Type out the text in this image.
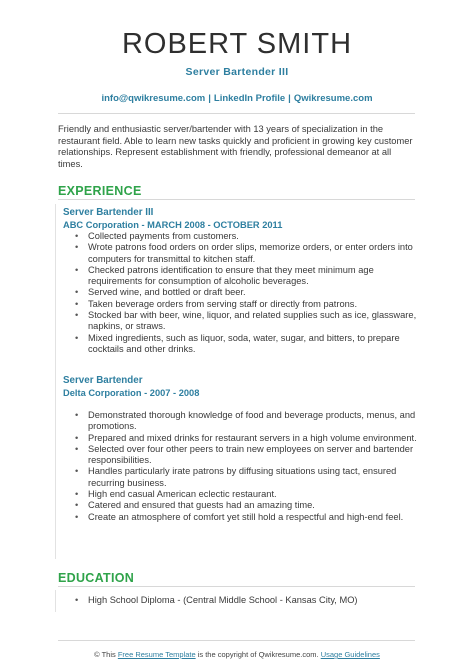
ROBERT SMITH
Server Bartender III
info@qwikresume.com | LinkedIn Profile | Qwikresume.com

Friendly and enthusiastic server/bartender with 13 years of specialization in the restaurant field. Able to learn new tasks quickly and proficient in growing key customer relationships. Represent establishment with friendly, professional demeanor at all times.

EXPERIENCE
Server Bartender III
ABC Corporation - MARCH 2008 - OCTOBER 2011
• Collected payments from customers.
• Wrote patrons food orders on order slips, memorize orders, or enter orders into computers for transmittal to kitchen staff.
• Checked patrons identification to ensure that they meet minimum age requirements for consumption of alcoholic beverages.
• Served wine, and bottled or draft beer.
• Taken beverage orders from serving staff or directly from patrons.
• Stocked bar with beer, wine, liquor, and related supplies such as ice, glassware, napkins, or straws.
• Mixed ingredients, such as liquor, soda, water, sugar, and bitters, to prepare cocktails and other drinks.
Server Bartender
Delta Corporation - 2007 - 2008
• Demonstrated thorough knowledge of food and beverage products, menus, and promotions.
• Prepared and mixed drinks for restaurant servers in a high volume environment.
• Selected over four other peers to train new employees on server and bartender responsibilities.
• Handles particularly irate patrons by diffusing situations using tact, ensured recurring business.
• High end casual American eclectic restaurant.
• Catered and ensured that guests had an amazing time.
• Create an atmosphere of comfort yet still hold a respectful and high-end feel.
EDUCATION
• High School Diploma - (Central Middle School - Kansas City, MO)
© This Free Resume Template is the copyright of Qwikresume.com. Usage Guidelines
